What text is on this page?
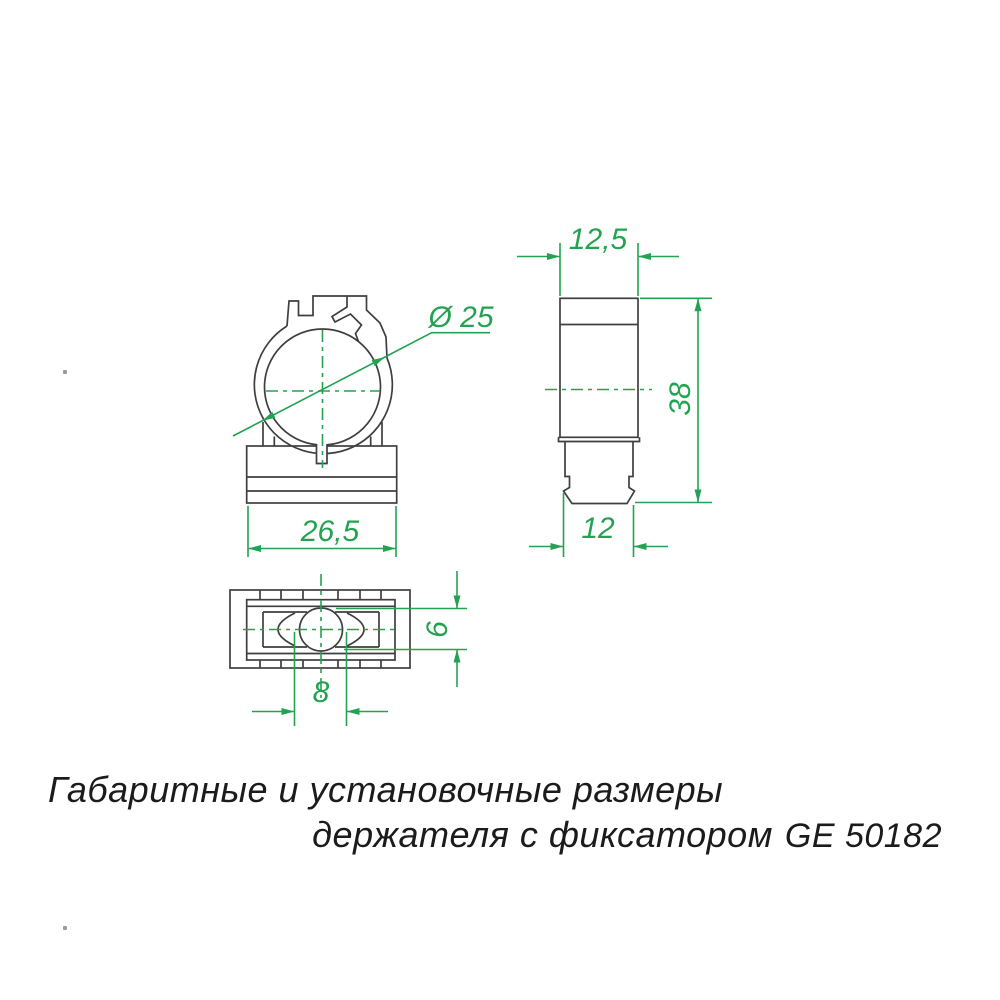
Ø 25
26,5
12,5
38
12
6
8
Габаритные и установочные размеры
держателя с фиксатором GE 50182
